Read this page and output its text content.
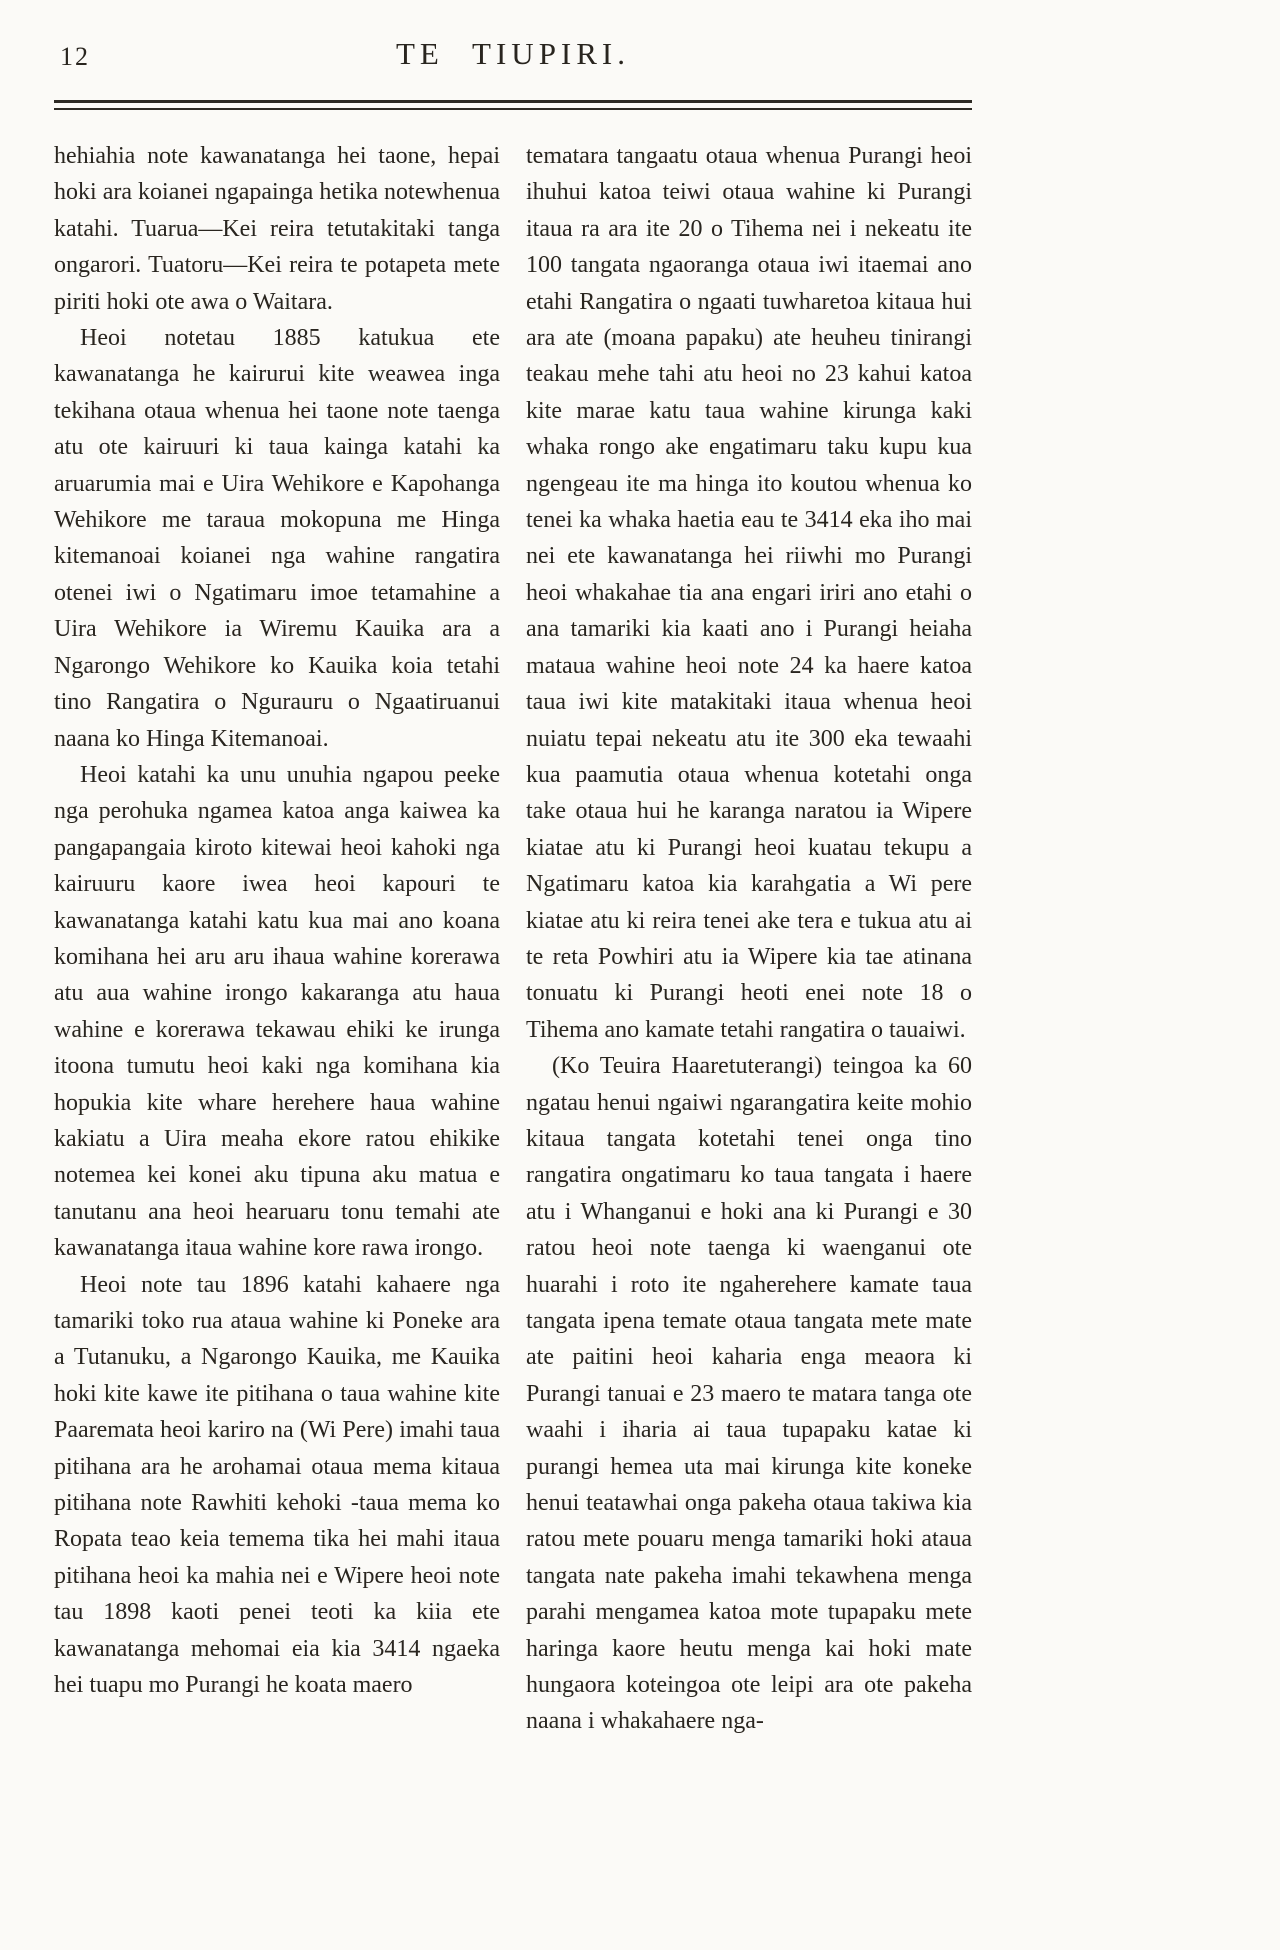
12	TE TIUPIRI.

hehiahia note kawanatanga hei taone, hepai hoki ara koianei ngapainga hetika notewhenua katahi. Tuarua—Kei reira tetutakitaki tanga ongarori. Tuatoru—Kei reira te potapeta mete piriti hoki ote awa o Waitara.

Heoi notetau 1885 katukua ete kawanatanga he kairurui kite weawea inga tekihana otaua whenua hei taone note taenga atu ote kairuuri ki taua kainga katahi ka aruarumia mai e Uira Wehikore e Kapohanga Wehikore me taraua mokopuna me Hinga kitemanoai koianei nga wahine rangatira otenei iwi o Ngatimaru imoe tetamahine a Uira Wehikore ia Wiremu Kauika ara a Ngarongo Wehikore ko Kauika koia tetahi tino Rangatira o Ngurauru o Ngaatiruanui naana ko Hinga Kitemanoai.

Heoi katahi ka unu unuhia ngapou peeke nga perohuka ngamea katoa anga kaiwea ka pangapangaia kiroto kitewai heoi kahoki nga kairuuru kaore iwea heoi kapouri te kawanatanga katahi katu kua mai ano koana komihana hei aru aru ihaua wahine korerawa atu aua wahine irongo kakaranga atu haua wahine e korerawa tekawau ehiki ke irunga itoona tumutu heoi kaki nga komihana kia hopukia kite whare herehere haua wahine kakiatu a Uira meaha ekore ratou ehikike notemea kei konei aku tipuna aku matua e tanutanu ana heoi hearuaru tonu temahi ate kawanatanga itaua wahine kore rawa irongo.

Heoi note tau 1896 katahi kahaere nga tamariki toko rua ataua wahine ki Poneke ara a Tutanuku, a Ngarongo Kauika, me Kauika hoki kite kawe ite pitihana o taua wahine kite Paaremata heoi kariro na (Wi Pere) imahi taua pitihana ara he arohamai otaua mema kitaua pitihana note Rawhiti kehoki -taua mema ko Ropata teao keia temema tika hei mahi itaua pitihana heoi ka mahia nei e Wipere heoi note tau 1898 kaoti penei teoti ka kiia ete kawanatanga mehomai eia kia 3414 ngaeka hei tuapu mo Purangi he koata maero

tematara tangaatu otaua whenua Purangi heoi ihuhui katoa teiwi otaua wahine ki Purangi itaua ra ara ite 20 o Tihema nei i nekeatu ite 100 tangata ngaoranga otaua iwi itaemai ano etahi Rangatira o ngaati tuwharetoa kitaua hui ara ate (moana papaku) ate heuheu tinirangi teakau mehe tahi atu heoi no 23 kahui katoa kite marae katu taua wahine kirunga kaki whaka rongo ake engatimaru taku kupu kua ngengeau ite ma hinga ito koutou whenua ko tenei ka whaka haetia eau te 3414 eka iho mai nei ete kawanatanga hei riiwhi mo Purangi heoi whakahae tia ana engari iriri ano etahi o ana tamariki kia kaati ano i Purangi heiaha mataua wahine heoi note 24 ka haere katoa taua iwi kite matakitaki itaua whenua heoi nuiatu tepai nekeatu atu ite 300 eka tewaahi kua paamutia otaua whenua kotetahi onga take otaua hui he karanga naratou ia Wipere kiatae atu ki Purangi heoi kuatau tekupu a Ngatimaru katoa kia karahgatia a Wi pere kiatae atu ki reira tenei ake tera e tukua atu ai te reta Powhiri atu ia Wipere kia tae atinana tonuatu ki Purangi heoti enei note 18 o Tihema ano kamate tetahi rangatira o tauaiwi.

(Ko Teuira Haaretuterangi) teingoa ka 60 ngatau henui ngaiwi ngarangatira keite mohio kitaua tangata kotetahi tenei onga tino rangatira ongatimaru ko taua tangata i haere atu i Whanganui e hoki ana ki Purangi e 30 ratou heoi note taenga ki waenganui ote huarahi i roto ite ngaherehere kamate taua tangata ipena temate otaua tangata mete mate ate paitini heoi kaharia enga meaora ki Purangi tanuai e 23 maero te matara tanga ote waahi i iharia ai taua tupapaku katae ki purangi hemea uta mai kirunga kite koneke henui teatawhai onga pakeha otaua takiwa kia ratou mete pouaru menga tamariki hoki ataua tangata nate pakeha imahi tekawhena menga parahi mengamea katoa mote tupapaku mete haringa kaore heutu menga kai hoki mate hungaora koteingoa ote leipi ara ote pakeha naana i whakahaere nga-
